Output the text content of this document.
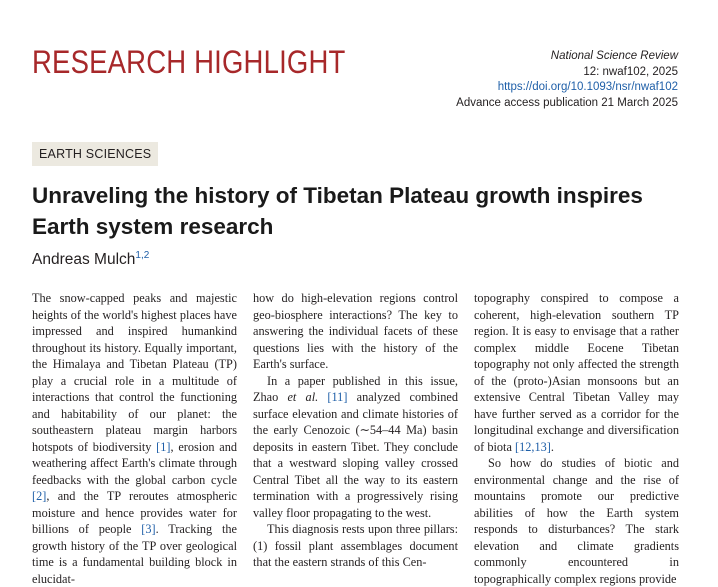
RESEARCH HIGHLIGHT	National Science Review
12: nwaf102, 2025
https://doi.org/10.1093/nsr/nwaf102
Advance access publication 21 March 2025
EARTH SCIENCES
Unraveling the history of Tibetan Plateau growth inspires Earth system research
Andreas Mulch$^{1,2}$

The snow-capped peaks and majestic heights of the world's highest places have impressed and inspired humankind throughout its history. Equally important, the Himalaya and Tibetan Plateau (TP) play a crucial role in a multitude of interactions that control the functioning and habitability of our planet: the southeastern plateau margin harbors hotspots of biodiversity [1], erosion and weathering affect Earth's climate through feedbacks with the global carbon cycle [2], and the TP reroutes atmospheric moisture and hence provides water for billions of people [3]. Tracking the growth history of the TP over geological time is a fundamental building block in elucidat-

how do high-elevation regions control geo-biosphere interactions? The key to answering the individual facets of these questions lies with the history of the Earth's surface.

In a paper published in this issue, Zhao et al. [11] analyzed combined surface elevation and climate histories of the early Cenozoic (∼54–44 Ma) basin deposits in eastern Tibet. They conclude that a westward sloping valley crossed Central Tibet all the way to its eastern termination with a progressively rising valley floor propagating to the west.

This diagnosis rests upon three pillars: (1) fossil plant assemblages document that the eastern strands of this Cen-

topography conspired to compose a coherent, high-elevation southern TP region. It is easy to envisage that a rather complex middle Eocene Tibetan topography not only affected the strength of the (proto-)Asian monsoons but an extensive Central Tibetan Valley may have further served as a corridor for the longitudinal exchange and diversification of biota [12,13].

So how do studies of biotic and environmental change and the rise of mountains promote our predictive abilities of how the Earth system responds to disturbances? The stark elevation and climate gradients commonly encountered in topographically complex regions provide
